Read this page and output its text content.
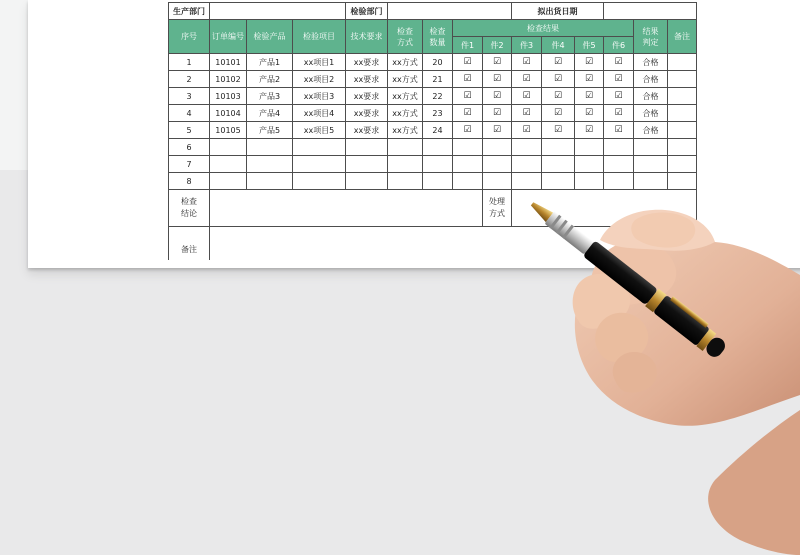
生产部门				检验部门					拟出货日期					
序号	订单编号	检验产品	检验项目	技术要求	检查方式	检查数量	检查结果						结果判定	备注
							件1	件2	件3	件4	件5	件6		
1	10101	产品1	xx项目1	xx要求	xx方式	20	☑	☑	☑	☑	☑	☑	合格	
2	10102	产品2	xx项目2	xx要求	xx方式	21	☑	☑	☑	☑	☑	☑	合格	
3	10103	产品3	xx项目3	xx要求	xx方式	22	☑	☑	☑	☑	☑	☑	合格	
4	10104	产品4	xx项目4	xx要求	xx方式	23	☑	☑	☑	☑	☑	☑	合格	
5	10105	产品5	xx项目5	xx要求	xx方式	24	☑	☑	☑	☑	☑	☑	合格	
6														
7														
8														
检查结论								处理方式						
备注														
